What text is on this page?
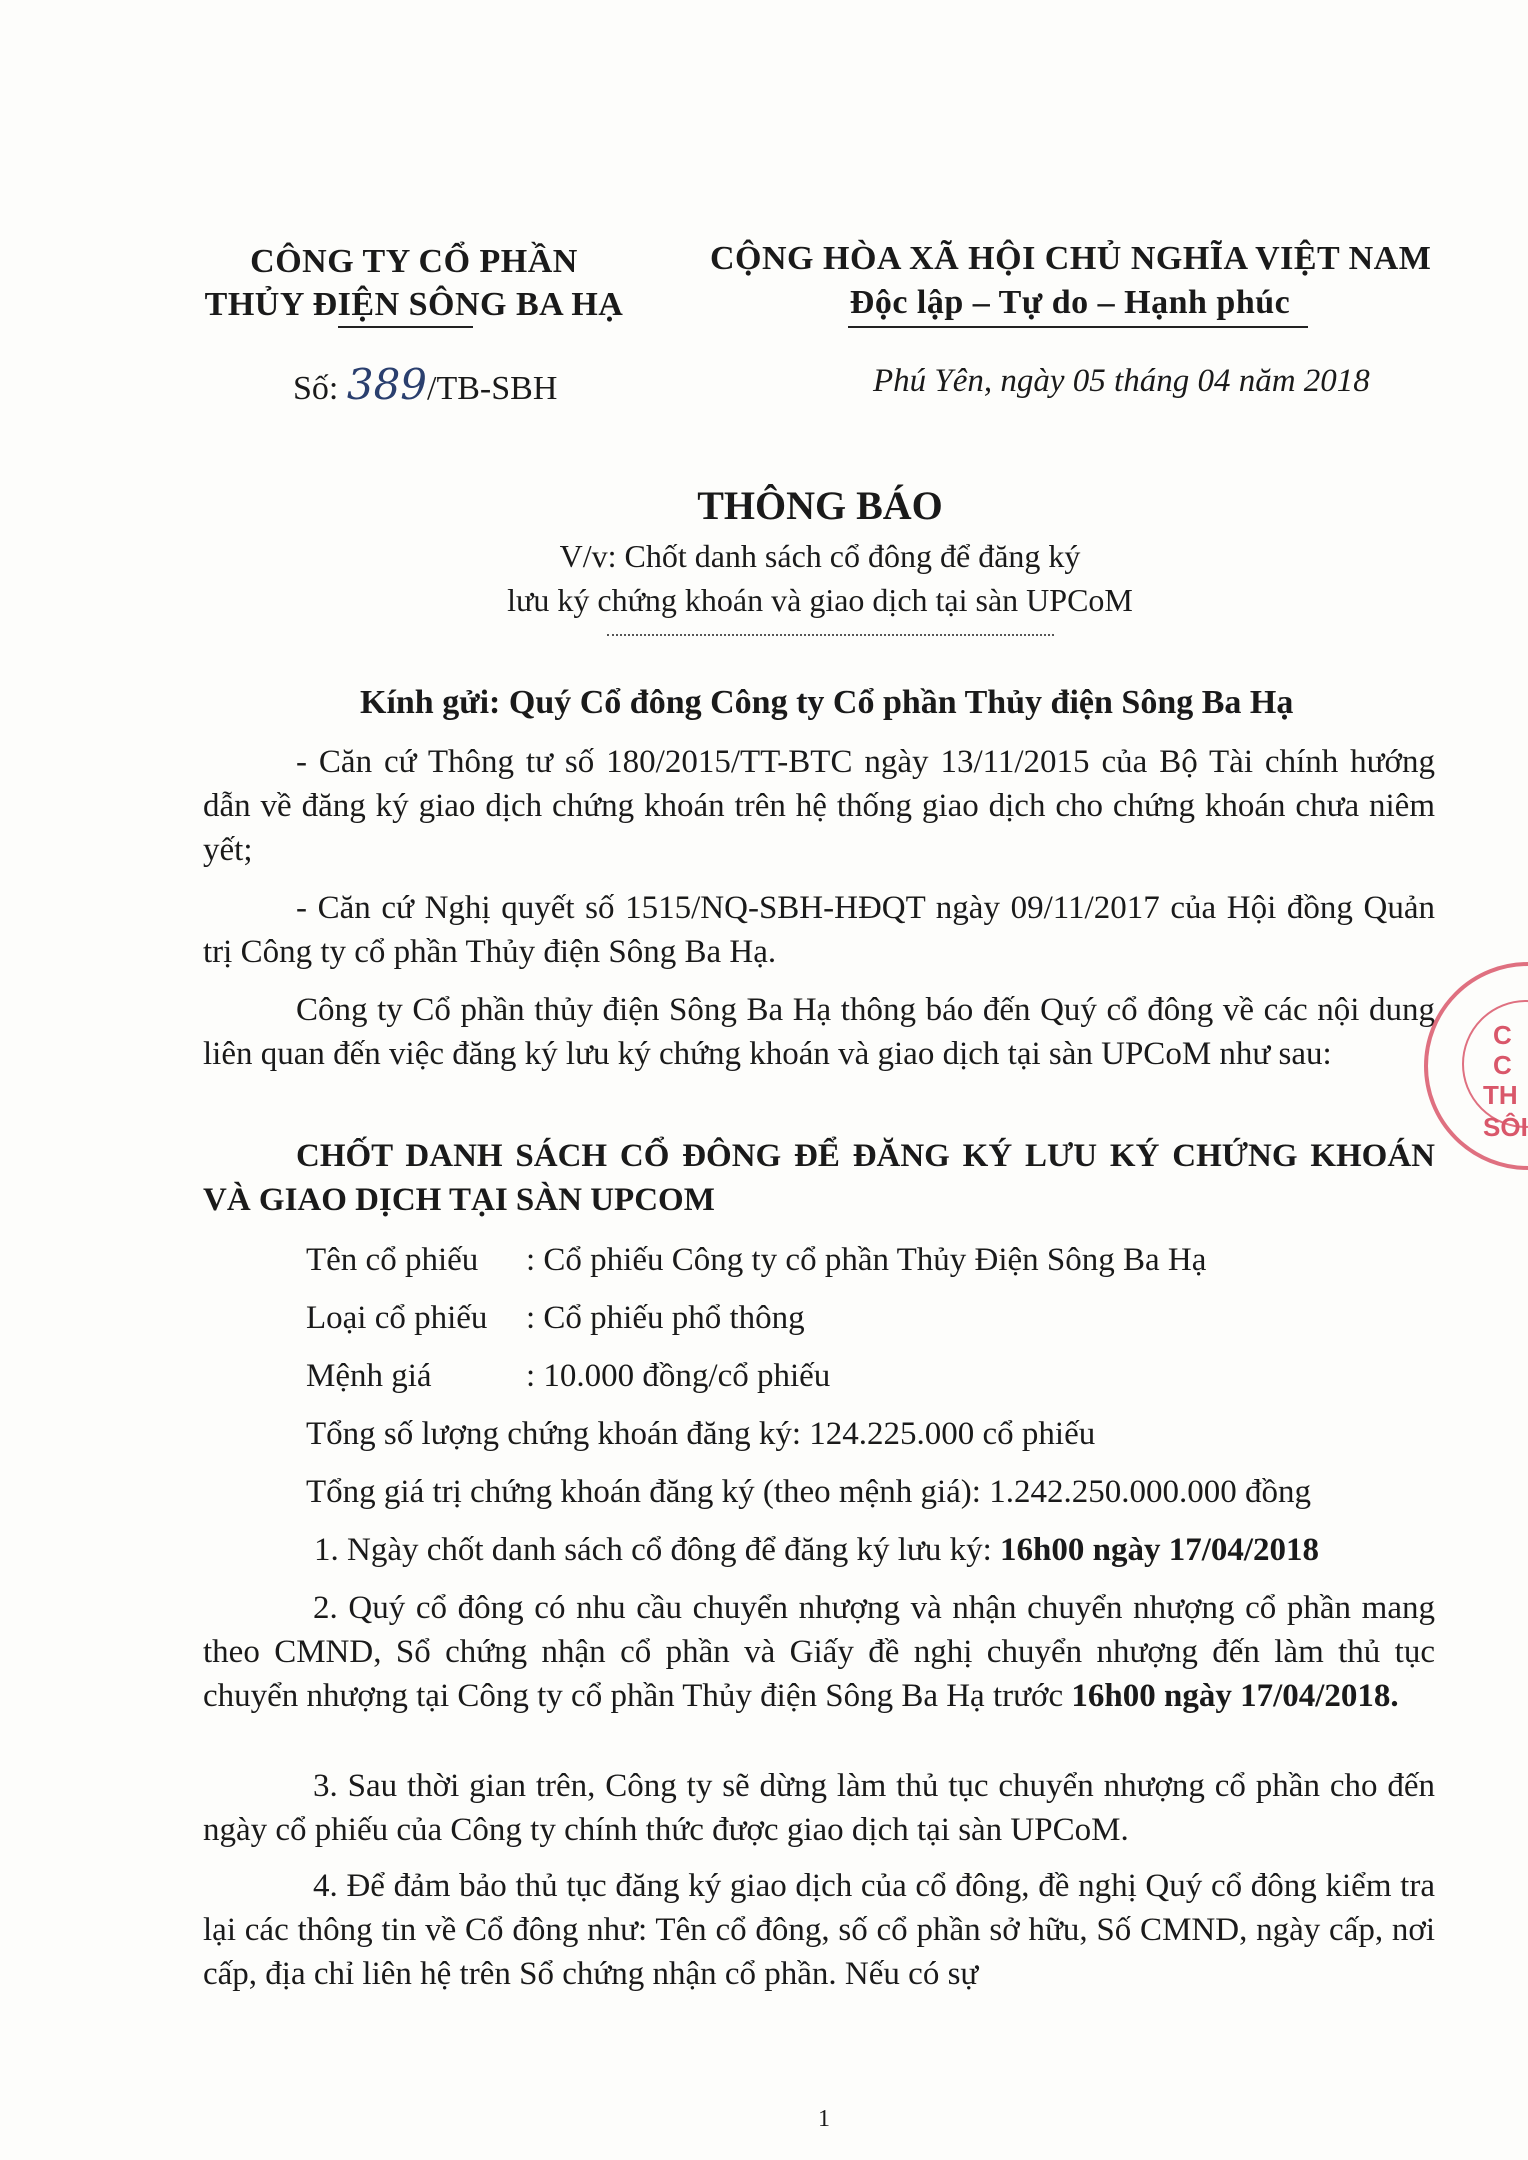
CÔNG TY CỔ PHẦN
THỦY ĐIỆN SÔNG BA HẠ
CỘNG HÒA XÃ HỘI CHỦ NGHĨA VIỆT NAM
Độc lập – Tự do – Hạnh phúc
Số: 389/TB-SBH	Phú Yên, ngày 05 tháng 04 năm 2018
THÔNG BÁO
V/v: Chốt danh sách cổ đông để đăng ký
lưu ký chứng khoán và giao dịch tại sàn UPCoM
Kính gửi: Quý Cổ đông Công ty Cổ phần Thủy điện Sông Ba Hạ
- Căn cứ Thông tư số 180/2015/TT-BTC ngày 13/11/2015 của Bộ Tài chính hướng dẫn về đăng ký giao dịch chứng khoán trên hệ thống giao dịch cho chứng khoán chưa niêm yết;
- Căn cứ Nghị quyết số 1515/NQ-SBH-HĐQT ngày 09/11/2017 của Hội đồng Quản trị Công ty cổ phần Thủy điện Sông Ba Hạ.
Công ty Cổ phần thủy điện Sông Ba Hạ thông báo đến Quý cổ đông về các nội dung liên quan đến việc đăng ký lưu ký chứng khoán và giao dịch tại sàn UPCoM như sau:
CHỐT DANH SÁCH CỔ ĐÔNG ĐỂ ĐĂNG KÝ LƯU KÝ CHỨNG KHOÁN VÀ GIAO DỊCH TẠI SÀN UPCOM
Tên cổ phiếu : Cổ phiếu Công ty cổ phần Thủy Điện Sông Ba Hạ
Loại cổ phiếu : Cổ phiếu phổ thông
Mệnh giá	: 10.000 đồng/cổ phiếu
Tổng số lượng chứng khoán đăng ký: 124.225.000 cổ phiếu
Tổng giá trị chứng khoán đăng ký (theo mệnh giá): 1.242.250.000.000 đồng
1. Ngày chốt danh sách cổ đông để đăng ký lưu ký: 16h00 ngày 17/04/2018
2. Quý cổ đông có nhu cầu chuyển nhượng và nhận chuyển nhượng cổ phần mang theo CMND, Sổ chứng nhận cổ phần và Giấy đề nghị chuyển nhượng đến làm thủ tục chuyển nhượng tại Công ty cổ phần Thủy điện Sông Ba Hạ trước 16h00 ngày 17/04/2018.
3. Sau thời gian trên, Công ty sẽ dừng làm thủ tục chuyển nhượng cổ phần cho đến ngày cổ phiếu của Công ty chính thức được giao dịch tại sàn UPCoM.
4. Để đảm bảo thủ tục đăng ký giao dịch của cổ đông, đề nghị Quý cổ đông kiểm tra lại các thông tin về Cổ đông như: Tên cổ đông, số cổ phần sở hữu, Số CMND, ngày cấp, nơi cấp, địa chỉ liên hệ trên Sổ chứng nhận cổ phần. Nếu có sự
C
C
TH
SÔI
1
